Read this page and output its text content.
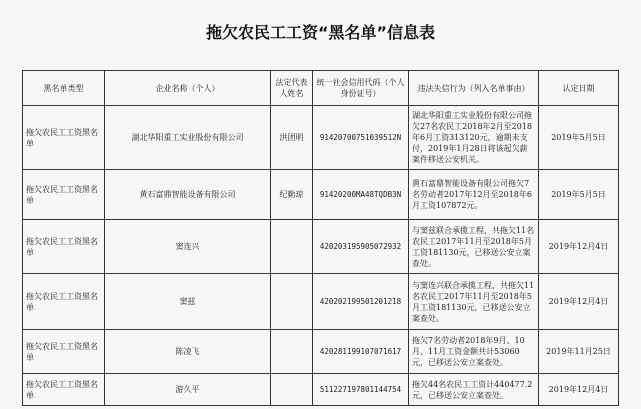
拖欠农民工工资“黑名单”信息表
黑名单类型	企业名称（个人）	法定代表人姓名	统一社会信用代码（个人身份证号）	违法失信行为（列入名单事由）	认定日期
拖欠农民工工资黑名单	湖北华阳重工实业股份有限公司	洪团明	91420700751039512N	湖北华阳重工实业股份有限公司拖欠27名农民工2018年2月至2018年6月工资313120元，逾期未支付，2019年1月28日将该起欠薪案件移送公安机关。	2019年5月5日
拖欠农民工工资黑名单	黄石富鼎智能设备有限公司	纪勤琼	91420200MA48TQDB3N	黄石富鼎智能设备有限公司拖欠7名劳动者2017年12月至2018年6月工资107872元。	2019年5月5日
拖欠农民工工资黑名单	窦连兴		420203195905072932	与窦兹联合承揽工程，共拖欠11名农民工2017年11月至2018年5月工资181130元，已移送公安立案查处。	2019年12月4日
拖欠农民工工资黑名单	窦兹		420202199501201218	与窦连兴联合承揽工程，共拖欠11名农民工2017年11月至2018年5月工资181130元，已移送公安立案查处。	2019年12月4日
拖欠农民工工资黑名单	陈凌飞		420281199107071617	拖欠7名劳动者2018年9月、10月、11月工资金额共计53060元，已移送公安立案查处。	2019年11月25日
拖欠农民工工资黑名单	游久平		511227197801144754	拖欠44名农民工工资计440477.2元，已移送公安立案查处。	2019年12月4日
